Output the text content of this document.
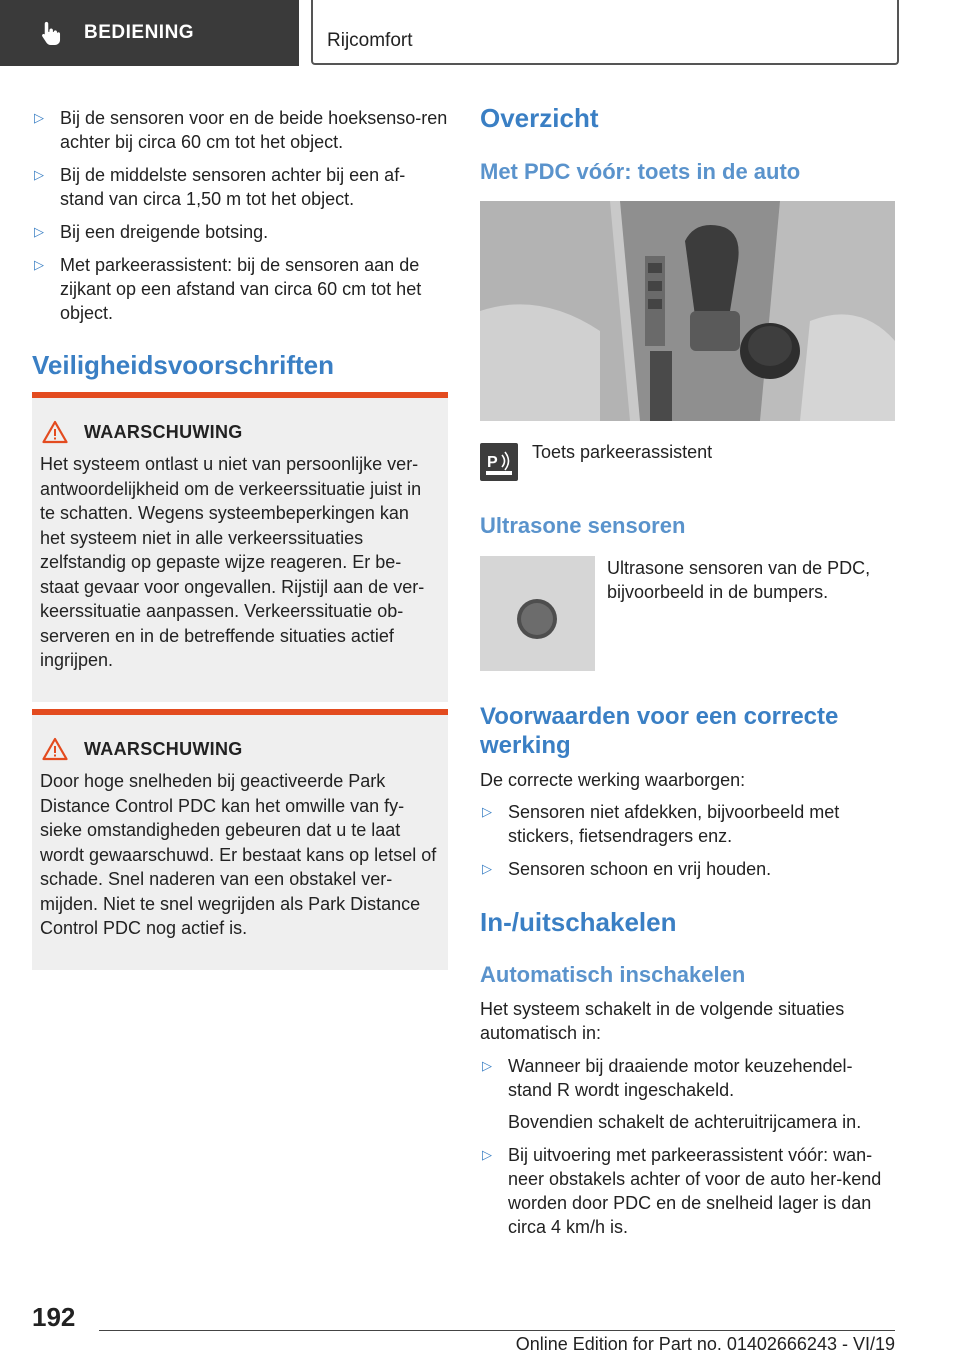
BEDIENING	Rijcomfort
▷ Bij de sensoren voor en de beide hoeksenso‐ren achter bij circa 60 cm tot het object.
▷ Bij de middelste sensoren achter bij een af‐stand van circa 1,50 m tot het object.
▷ Bij een dreigende botsing.
▷ Met parkeerassistent: bij de sensoren aan de zijkant op een afstand van circa 60 cm tot het object.
Veiligheidsvoorschriften
WAARSCHUWING
Het systeem ontlast u niet van persoonlijke ver‐antwoordelijkheid om de verkeerssituatie juist in te schatten. Wegens systeembeperkingen kan het systeem niet in alle verkeerssituaties zelfstandig op gepaste wijze reageren. Er be‐staat gevaar voor ongevallen. Rijstijl aan de ver‐keerssituatie aanpassen. Verkeerssituatie ob‐serveren en in de betreffende situaties actief ingrijpen.
WAARSCHUWING
Door hoge snelheden bij geactiveerde Park Distance Control PDC kan het omwille van fy‐sieke omstandigheden gebeuren dat u te laat wordt gewaarschuwd. Er bestaat kans op letsel of schade. Snel naderen van een obstakel ver‐mijden. Niet te snel wegrijden als Park Distance Control PDC nog actief is.
Overzicht
Met PDC vóór: toets in de auto
P

Toets parkeerassistent

Ultrasone sensoren

Ultrasone sensoren van de PDC, bijvoorbeeld in de bumpers.

Voorwaarden voor een correcte werking

De correcte werking waarborgen:

▷ Sensoren niet afdekken, bijvoorbeeld met stickers, fietsendragers enz.
▷ Sensoren schoon en vrij houden.
In-/uitschakelen
Automatisch inschakelen

Het systeem schakelt in de volgende situaties automatisch in:

▷ Wanneer bij draaiende motor keuzehendel‐stand R wordt ingeschakeld.
Bovendien schakelt de achteruitrijcamera in.
▷ Bij uitvoering met parkeerassistent vóór: wan‐neer obstakels achter of voor de auto her‐kend worden door PDC en de snelheid lager is dan circa 4 km/h is.
192
Online Edition for Part no. 01402666243 - VI/19
